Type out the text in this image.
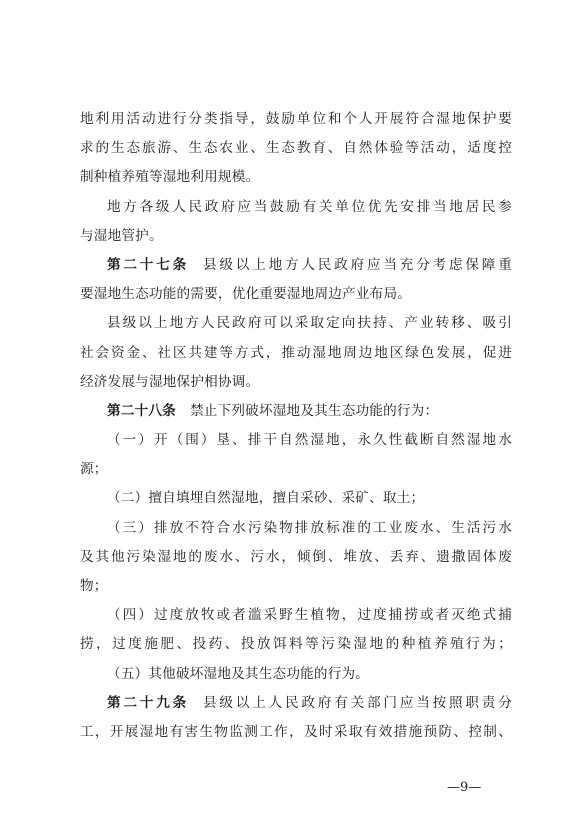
地利用活动进行分类指导，鼓励单位和个人开展符合湿地保护要
求的生态旅游、生态农业、生态教育、自然体验等活动，适度控
制种植养殖等湿地利用规模。
地方各级人民政府应当鼓励有关单位优先安排当地居民参
与湿地管护。
第二十七条 县级以上地方人民政府应当充分考虑保障重
要湿地生态功能的需要，优化重要湿地周边产业布局。
县级以上地方人民政府可以采取定向扶持、产业转移、吸引
社会资金、社区共建等方式，推动湿地周边地区绿色发展，促进
经济发展与湿地保护相协调。
第二十八条 禁止下列破坏湿地及其生态功能的行为：
（一）开（围）垦、排干自然湿地，永久性截断自然湿地水
源；
（二）擅自填埋自然湿地，擅自采砂、采矿、取土；
（三）排放不符合水污染物排放标准的工业废水、生活污水
及其他污染湿地的废水、污水，倾倒、堆放、丢弃、遗撒固体废
物；
（四）过度放牧或者滥采野生植物，过度捕捞或者灭绝式捕
捞，过度施肥、投药、投放饵料等污染湿地的种植养殖行为；
（五）其他破坏湿地及其生态功能的行为。
第二十九条 县级以上人民政府有关部门应当按照职责分
工，开展湿地有害生物监测工作，及时采取有效措施预防、控制、
—9—
